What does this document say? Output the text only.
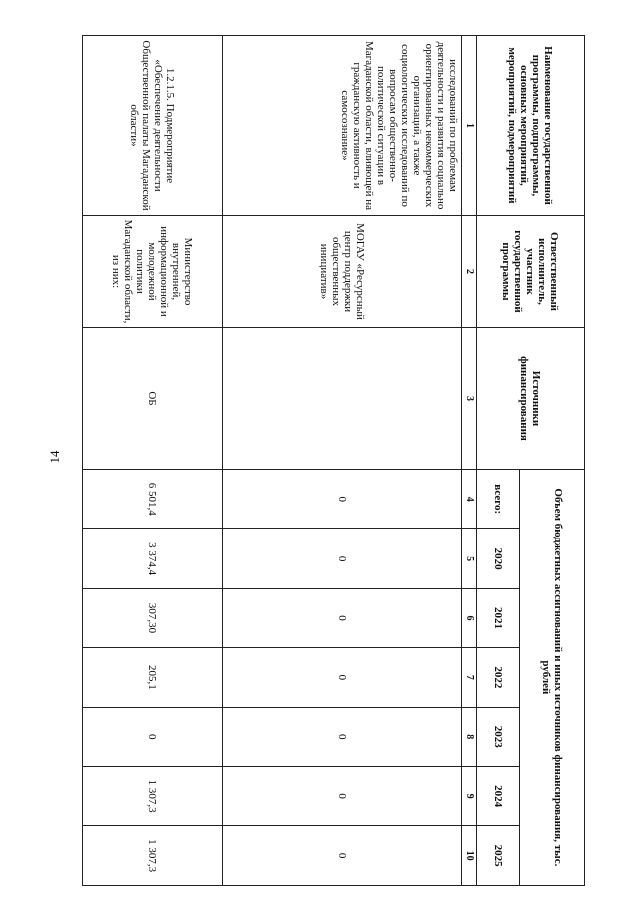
14
Наименование государственной программы, подпрограммы, основных мероприятий, мероприятий, подмероприятий	Ответственный исполнитель, участник государственной программы	Источники финансирования	Объем бюджетных ассигнований и иных источников финансирования, тыс. рублей						
			всего:	2020	2021	2022	2023	2024	2025
1	2	3	4	5	6	7	8	9	10
исследований по проблемам деятельности и развития социально ориентированных некоммерческих организаций, а также социологических исследований по вопросам общественно-политической ситуации в Магаданской области, влияющей на гражданскую активность и самосознание»	МОГАУ «Ресурсный центр поддержки общественных инициатив»		0	0	0	0	0	0	0
1.2.1.5. Подмероприятие «Обеспечение деятельности Общественной палаты Магаданской области»	Министерство внутренней, информационной и молодежной политики Магаданской области, из них:	ОБ	6 501,4	3 374,4	307,30	205,1	0	1 307,3	1 307,3
